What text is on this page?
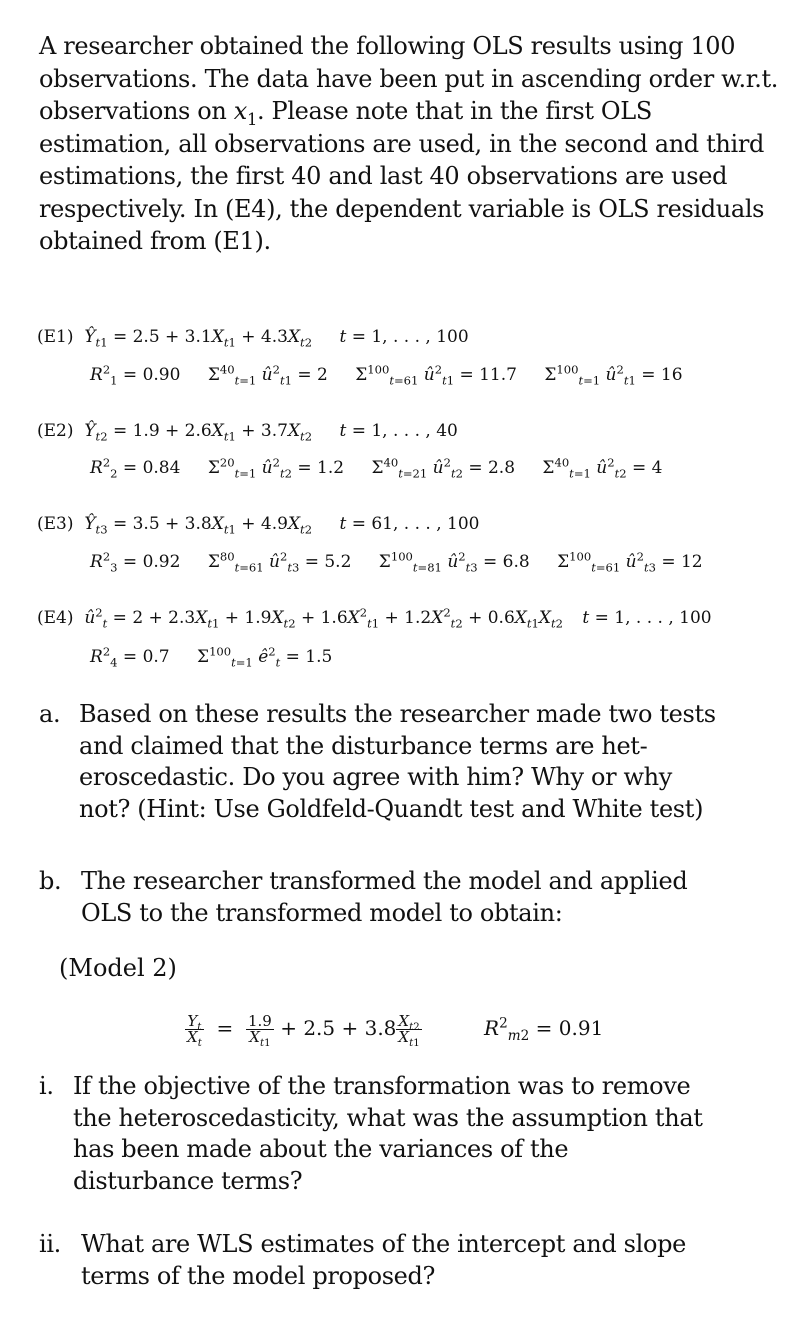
A researcher obtained the following OLS results using 100 observations. The data have been put in ascending order w.r.t. observations on $x_1$. Please note that in the first OLS estimation, all observations are used, in the second and third estimations, the first 40 and last 40 observations are used respectively. In (E4), the dependent variable is OLS residuals obtained from (E1).
(E1) $Ŷ_{t1} = 2.5 + 3.1X_{t1} + 4.3X_{t2}$ t = 1, . . . , 100
$R^2_1 = 0.90$ $\Sigma^{40}_{t=1}$ $û^2_{t1} = 2$ $\Sigma^{100}_{t=61}$ $û^2_{t1} = 11.7$ $\Sigma^{100}_{t=1}$ $û^2_{t1} = 16$
(E2) $Ŷ_{t2} = 1.9 + 2.6X_{t1} + 3.7X_{t2}$ t = 1, . . . , 40
$R^2_2 = 0.84$ $\Sigma^{20}_{t=1}$ $û^2_{t2} = 1.2$ $\Sigma^{40}_{t=21}$ $û^2_{t2} = 2.8$ $\Sigma^{40}_{t=1}$ $û^2_{t2} = 4$
(E3) $Ŷ_{t3} = 3.5 + 3.8X_{t1} + 4.9X_{t2}$ t = 61, . . . , 100
$R^2_3 = 0.92$ $\Sigma^{80}_{t=61}$ $û^2_{t3} = 5.2$ $\Sigma^{100}_{t=81}$ $û^2_{t3} = 6.8$ $\Sigma^{100}_{t=61}$ $û^2_{t3} = 12$
(E4) $û^2_t = 2 + 2.3X_{t1} + 1.9X_{t2} + 1.6X^2_{t1} + 1.2X^2_{t2} + 0.6X_{t1}X_{t2}$ t = 1, . . . , 100
$R^2_4 = 0.7$ $\Sigma^{100}_{t=1}$ $ê^2_t = 1.5$
a. Based on these results the researcher made two tests and claimed that the disturbance terms are het-eroscedastic. Do you agree with him? Why or why not? (Hint: Use Goldfeld-Quandt test and White test)
b. The researcher transformed the model and applied OLS to the transformed model to obtain:
(Model 2)
$\frac{Y_t}{X_t} = \frac{1.9}{X_{t1}} + 2.5 + 3.8 \frac{X_{t2}}{X_{t1}}$	$R^2_{m2} = 0.91$
i. If the objective of the transformation was to remove the heteroscedasticity, what was the assumption that has been made about the variances of the disturbance terms?
ii. What are WLS estimates of the intercept and slope terms of the model proposed?
